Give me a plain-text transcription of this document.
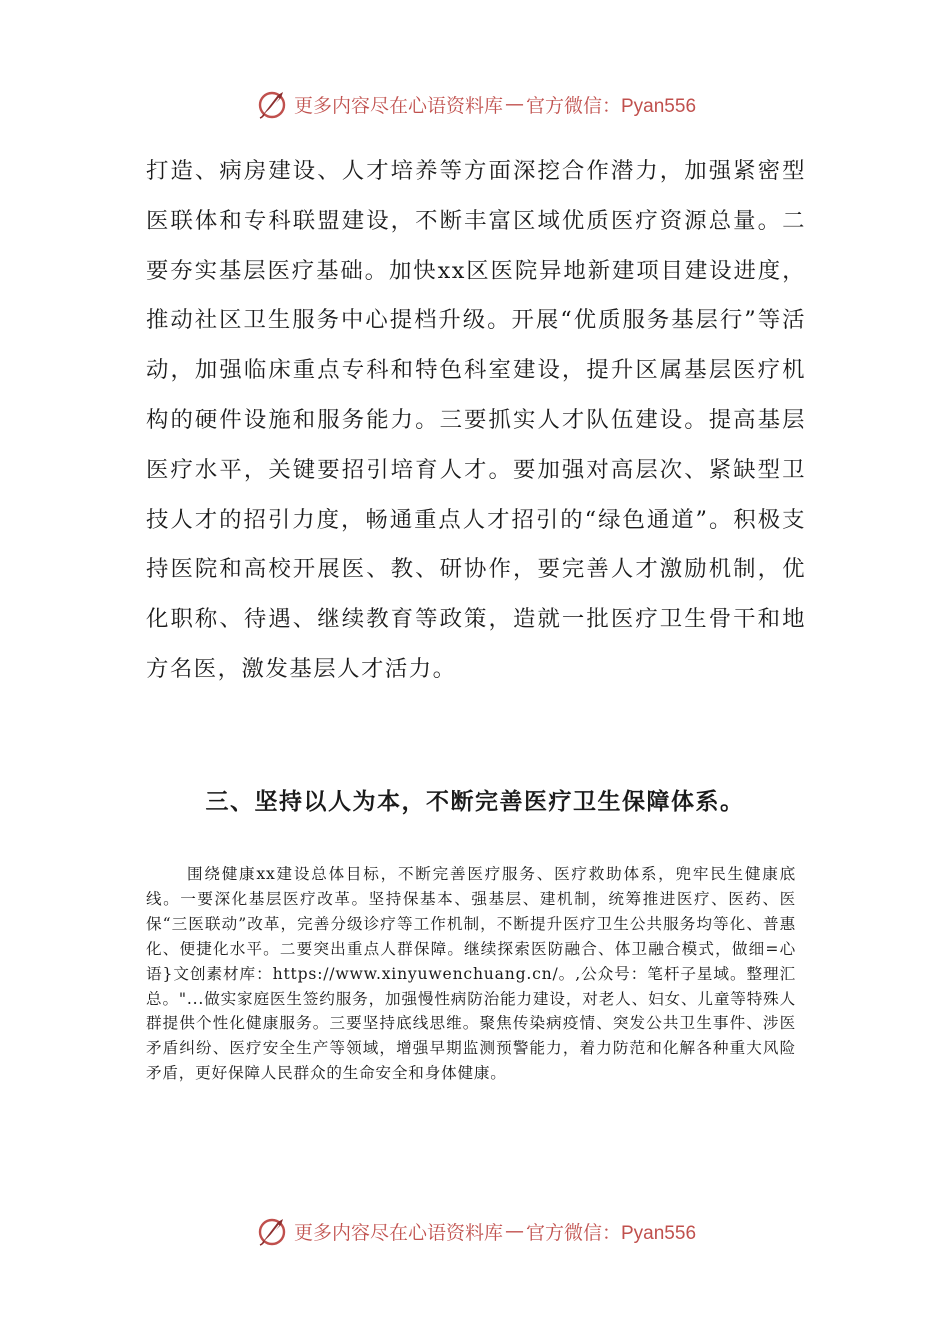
更多内容尽在心语资料库 — 官方微信：Pyan556

打造、病房建设、人才培养等方面深挖合作潜力，加强紧密型医联体和专科联盟建设，不断丰富区域优质医疗资源总量。二要夯实基层医疗基础。加快xx区医院异地新建项目建设进度，推动社区卫生服务中心提档升级。开展“优质服务基层行”等活动，加强临床重点专科和特色科室建设，提升区属基层医疗机构的硬件设施和服务能力。三要抓实人才队伍建设。提高基层医疗水平，关键要招引培育人才。要加强对高层次、紧缺型卫技人才的招引力度，畅通重点人才招引的“绿色通道”。积极支持医院和高校开展医、教、研协作，要完善人才激励机制，优化职称、待遇、继续教育等政策，造就一批医疗卫生骨干和地方名医，激发基层人才活力。

三、坚持以人为本，不断完善医疗卫生保障体系。

围绕健康xx建设总体目标，不断完善医疗服务、医疗救助体系，兜牢民生健康底线。一要深化基层医疗改革。坚持保基本、强基层、建机制，统筹推进医疗、医药、医保“三医联动”改革，完善分级诊疗等工作机制，不断提升医疗卫生公共服务均等化、普惠化、便捷化水平。二要突出重点人群保障。继续探索医防融合、体卫融合模式，做细=心语}文创素材库：https://www.xinyuwenchuang.cn/。,公众号：笔杆子星域。整理汇总。"...做实家庭医生签约服务，加强慢性病防治能力建设，对老人、妇女、儿童等特殊人群提供个性化健康服务。三要坚持底线思维。聚焦传染病疫情、突发公共卫生事件、涉医矛盾纠纷、医疗安全生产等领域，增强早期监测预警能力，着力防范和化解各种重大风险矛盾，更好保障人民群众的生命安全和身体健康。

更多内容尽在心语资料库 — 官方微信：Pyan556
